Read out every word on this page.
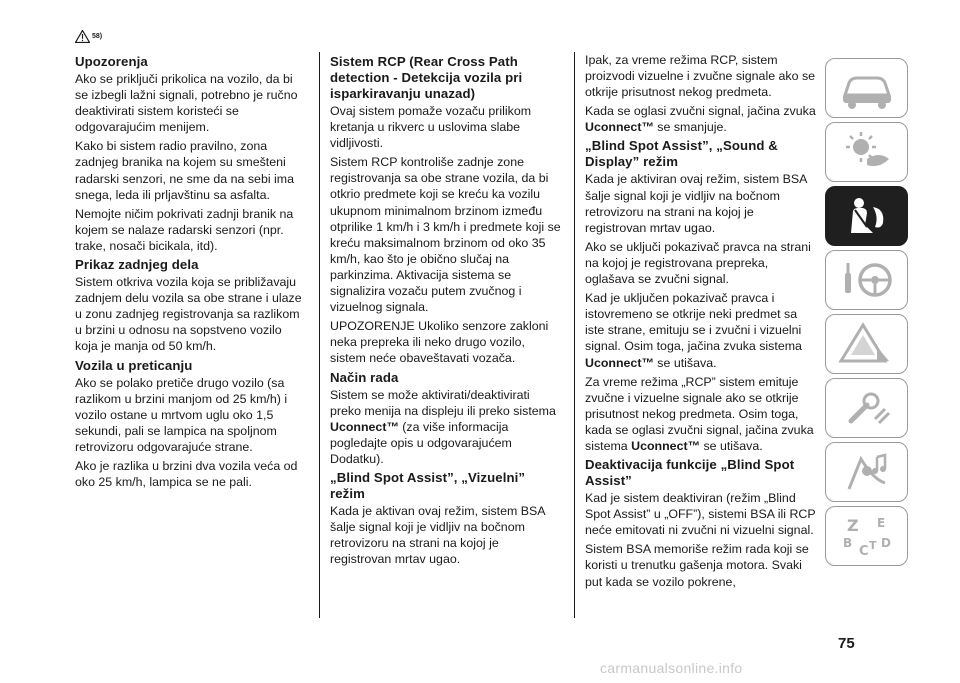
58)
Upozorenja

Ako se priključi prikolica na vozilo, da bi se izbegli lažni signali, potrebno je ručno deaktivirati sistem koristeći se odgovarajućim menijem.

Kako bi sistem radio pravilno, zona zadnjeg branika na kojem su smešteni radarski senzori, ne sme da na sebi ima snega, leda ili prljavštinu sa asfalta.

Nemojte ničim pokrivati zadnji branik na kojem se nalaze radarski senzori (npr. trake, nosači bicikala, itd).

Prikaz zadnjeg dela

Sistem otkriva vozila koja se približavaju zadnjem delu vozila sa obe strane i ulaze u zonu zadnjeg registrovanja sa razlikom u brzini u odnosu na sopstveno vozilo koja je manja od 50 km/h.

Vozila u preticanju

Ako se polako pretiče drugo vozilo (sa razlikom u brzini manjom od 25 km/h) i vozilo ostane u mrtvom uglu oko 1,5 sekundi, pali se lampica na spoljnom retrovizoru odgovarajuće strane.

Ako je razlika u brzini dva vozila veća od oko 25 km/h, lampica se ne pali.

Sistem RCP (Rear Cross Path detection - Detekcija vozila pri isparkiravanju unazad)

Ovaj sistem pomaže vozaču prilikom kretanja u rikverc u uslovima slabe vidljivosti.

Sistem RCP kontroliše zadnje zone registrovanja sa obe strane vozila, da bi otkrio predmete koji se kreću ka vozilu ukupnom minimalnom brzinom između otprilike 1 km/h i 3 km/h i predmete koji se kreću maksimalnom brzinom od oko 35 km/h, kao što je obično slučaj na parkinzima. Aktivacija sistema se signalizira vozaču putem zvučnog i vizuelnog signala.

UPOZORENJE Ukoliko senzore zakloni neka prepreka ili neko drugo vozilo, sistem neće obaveštavati vozača.

Način rada

Sistem se može aktivirati/deaktivirati preko menija na displeju ili preko sistema Uconnect™ (za više informacija pogledajte opis u odgovarajućem Dodatku).

„Blind Spot Assist”, „Vizuelni” režim

Kada je aktivan ovaj režim, sistem BSA šalje signal koji je vidljiv na bočnom retrovizoru na strani na kojoj je registrovan mrtav ugao.

Ipak, za vreme režima RCP, sistem proizvodi vizuelne i zvučne signale ako se otkrije prisutnost nekog predmeta.

Kada se oglasi zvučni signal, jačina zvuka Uconnect™ se smanjuje.

„Blind Spot Assist”, „Sound & Display” režim

Kada je aktiviran ovaj režim, sistem BSA šalje signal koji je vidljiv na bočnom retrovizoru na strani na kojoj je registrovan mrtav ugao.

Ako se uključi pokazivač pravca na strani na kojoj je registrovana prepreka, oglašava se zvučni signal.

Kad je uključen pokazivač pravca i istovremeno se otkrije neki predmet sa iste strane, emituju se i zvučni i vizuelni signal. Osim toga, jačina zvuka sistema Uconnect™ se utišava.

Za vreme režima „RCP” sistem emituje zvučne i vizuelne signale ako se otkrije prisutnost nekog predmeta. Osim toga, kada se oglasi zvučni signal, jačina zvuka sistema Uconnect™ se utišava.

Deaktivacija funkcije „Blind Spot Assist”

Kad je sistem deaktiviran (režim „Blind Spot Assist” u „OFF”), sistemi BSA ili RCP neće emitovati ni zvučni ni vizuelni signal.

Sistem BSA memoriše režim rada koji se koristi u trenutku gašenja motora. Svaki put kada se vozilo pokrene,

Z E
B
C T D
75
carmanualsonline.info
